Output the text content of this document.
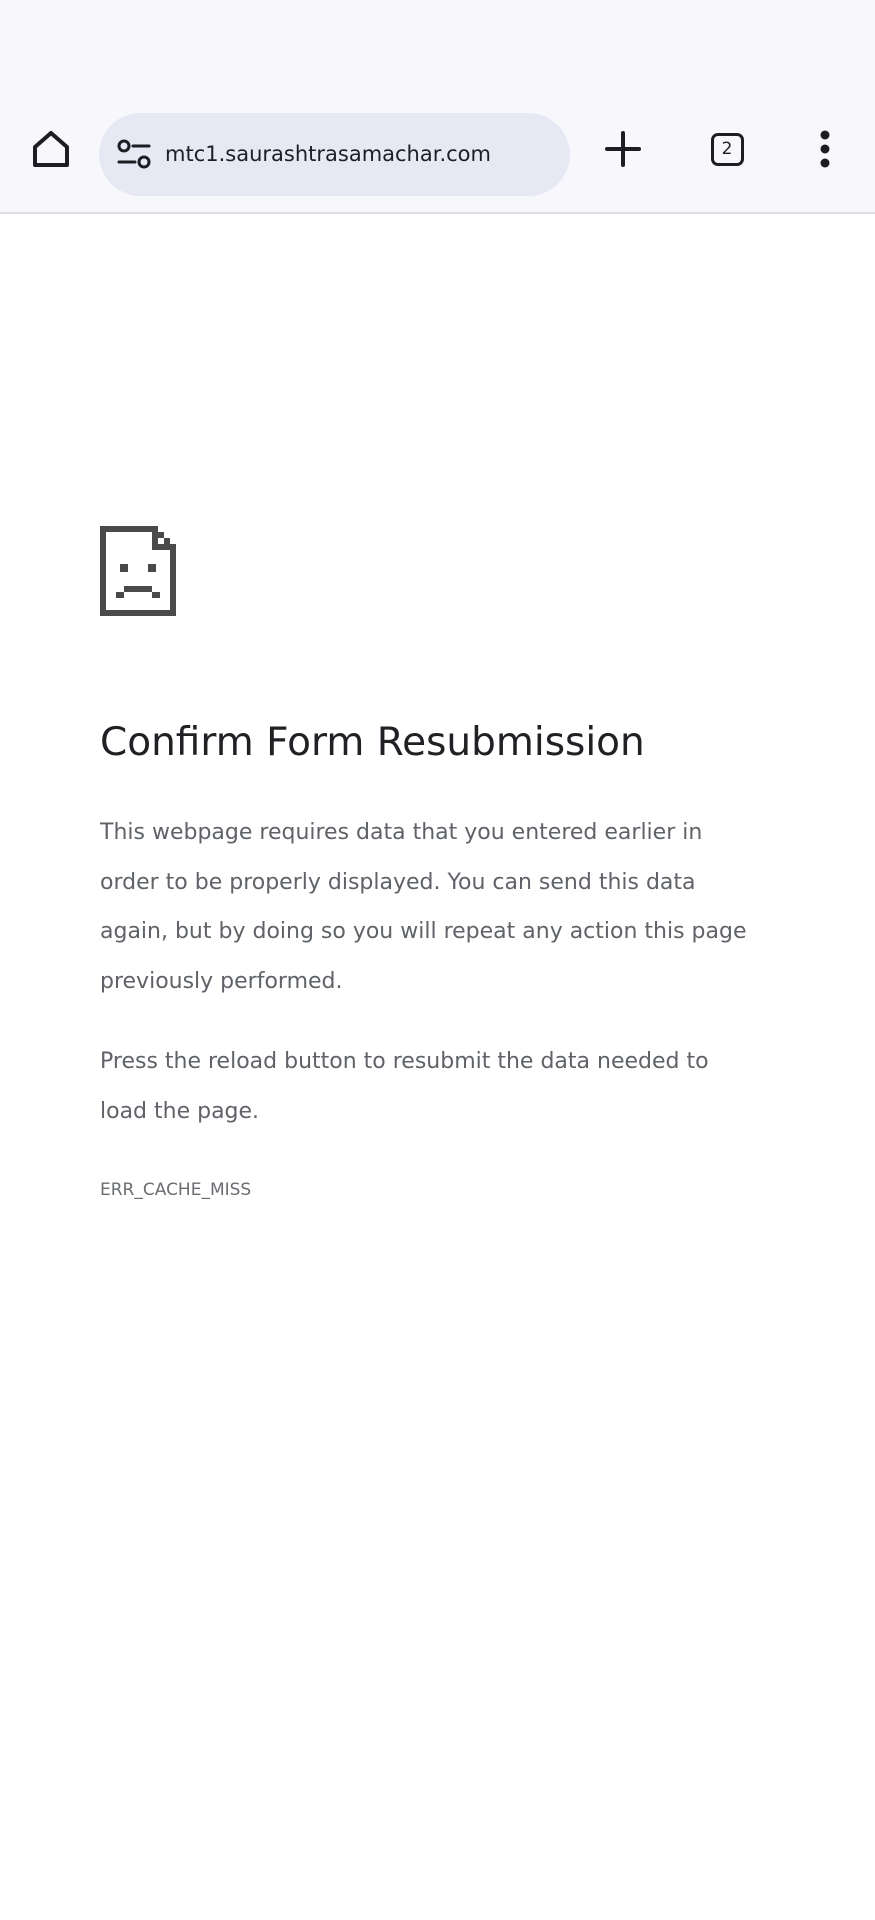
mtc1.saurashtrasamachar.com	2
Confirm Form Resubmission

This webpage requires data that you entered earlier in order to be properly displayed. You can send this data again, but by doing so you will repeat any action this page previously performed.

Press the reload button to resubmit the data needed to load the page.

ERR_CACHE_MISS
